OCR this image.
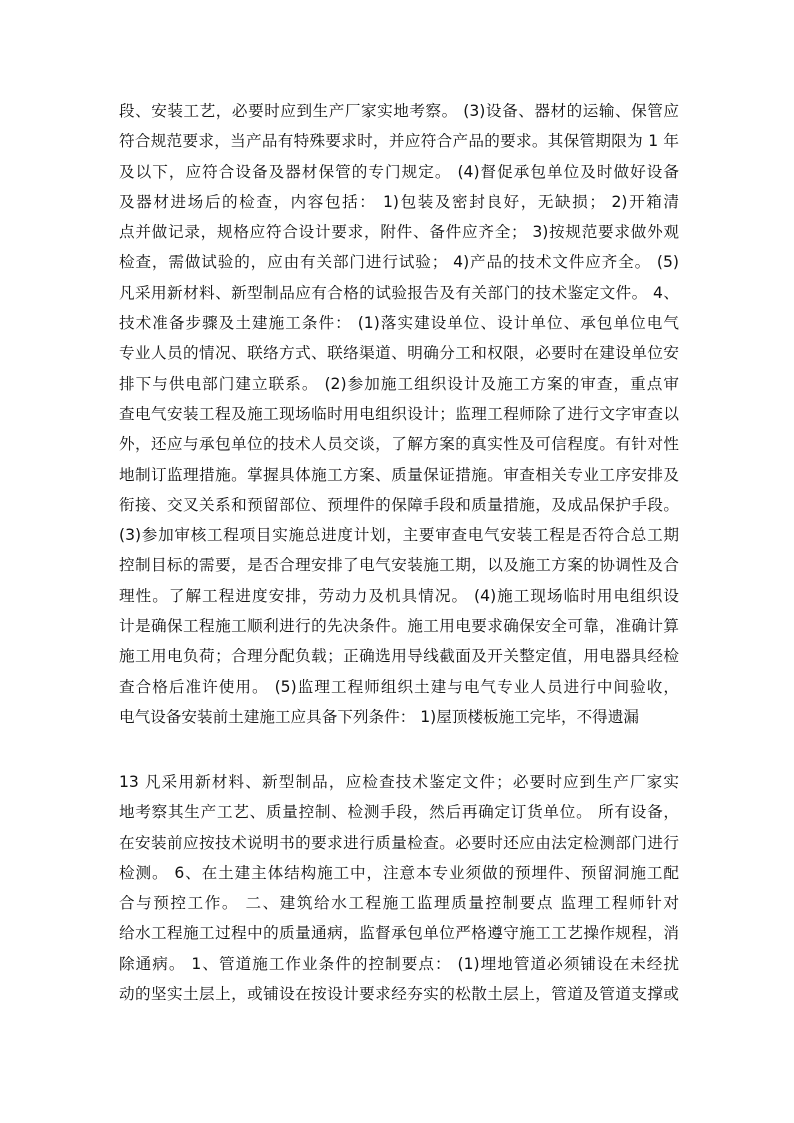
段、安装工艺，必要时应到生产厂家实地考察。 (3)设备、器材的运输、保管应
符合规范要求，当产品有特殊要求时，并应符合产品的要求。其保管期限为 1 年
及以下，应符合设备及器材保管的专门规定。 (4)督促承包单位及时做好设备
及器材进场后的检查，内容包括： 1)包装及密封良好，无缺损； 2)开箱清
点并做记录，规格应符合设计要求，附件、备件应齐全； 3)按规范要求做外观
检查，需做试验的，应由有关部门进行试验； 4)产品的技术文件应齐全。 (5)
凡采用新材料、新型制品应有合格的试验报告及有关部门的技术鉴定文件。 4、
技术准备步骤及土建施工条件： (1)落实建设单位、设计单位、承包单位电气
专业人员的情况、联络方式、联络渠道、明确分工和权限，必要时在建设单位安
排下与供电部门建立联系。 (2)参加施工组织设计及施工方案的审查，重点审
查电气安装工程及施工现场临时用电组织设计；监理工程师除了进行文字审查以
外，还应与承包单位的技术人员交谈，了解方案的真实性及可信程度。有针对性
地制订监理措施。掌握具体施工方案、质量保证措施。审查相关专业工序安排及
衔接、交叉关系和预留部位、预埋件的保障手段和质量措施，及成品保护手段。
(3)参加审核工程项目实施总进度计划，主要审查电气安装工程是否符合总工期
控制目标的需要，是否合理安排了电气安装施工期，以及施工方案的协调性及合
理性。了解工程进度安排，劳动力及机具情况。 (4)施工现场临时用电组织设
计是确保工程施工顺利进行的先决条件。施工用电要求确保安全可靠，准确计算
施工用电负荷；合理分配负载；正确选用导线截面及开关整定值，用电器具经检
查合格后准许使用。 (5)监理工程师组织土建与电气专业人员进行中间验收，
电气设备安装前土建施工应具备下列条件： 1)屋顶楼板施工完毕，不得遗漏
13 凡采用新材料、新型制品，应检查技术鉴定文件；必要时应到生产厂家实
地考察其生产工艺、质量控制、检测手段，然后再确定订货单位。 所有设备，
在安装前应按技术说明书的要求进行质量检查。必要时还应由法定检测部门进行
检测。 6、在土建主体结构施工中，注意本专业须做的预埋件、预留洞施工配
合与预控工作。 二、建筑给水工程施工监理质量控制要点 监理工程师针对
给水工程施工过程中的质量通病，监督承包单位严格遵守施工工艺操作规程，消
除通病。 1、管道施工作业条件的控制要点： (1)埋地管道必须铺设在未经扰
动的坚实土层上，或铺设在按设计要求经夯实的松散土层上，管道及管道支撑或
